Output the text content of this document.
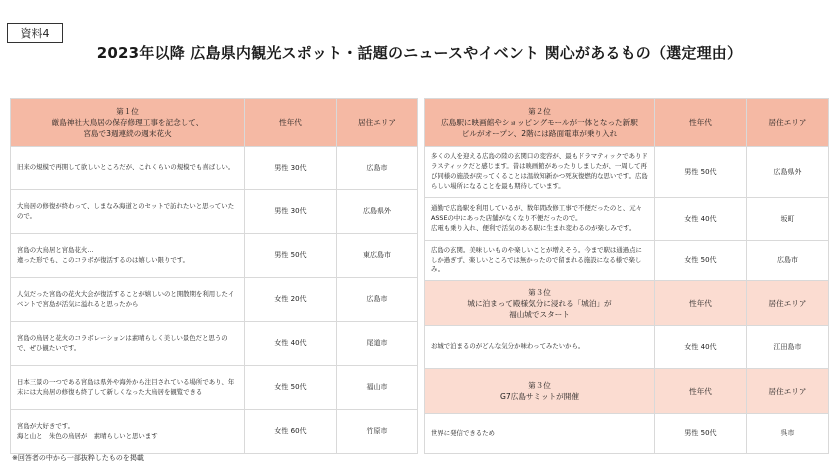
資料4
2023年以降 広島県内観光スポット・話題のニュースやイベント 関心があるもの（選定理由）
第１位
厳島神社大鳥居の保存修理工事を記念して、
宮島で3週連続の週末花火	性年代	居住エリア
旧来の規模で再開して欲しいところだが、これくらいの規模でも喜ばしい。	男性 30代	広島市
大鳥居の修復が終わって、しまなみ海道とのセットで訪れたいと思っていたので。	男性 30代	広島県外
宮島の大鳥居と宮島花火…
違った形でも、このコラボが復活するのは嬉しい限りです。	男性 50代	東広島市
人気だった宮島の花火大会が復活することが嬉しいのと開散期を利用したイベントで宮島が活気に溢れると思ったから	女性 20代	広島市
宮島の鳥居と花火のコラボレーションは素晴らしく美しい景色だと思うので、ぜひ観たいです。	女性 40代	尾道市
日本三景の一つである宮島は県外や海外から注目されている場所であり、年末には大鳥居の修復も終了して新しくなった大鳥居を観覧できる	女性 50代	福山市
宮島が大好きです。
海と山と　朱色の鳥居が　素晴らしいと思います	女性 60代	竹原市
第２位
広島駅に映画館やショッピングモールが一体となった新駅
ビルがオープン、2階には路面電車が乗り入れ	性年代	居住エリア
多くの人を迎える広島の陸の玄関口の変容が、最もドラマティックでありドラスティックだと感じます。昔は映画館があったりしましたが、一周して再び同様の施設が戻ってくることは温故知新かつ死灰復燃的な思いです。広島らしい場所になることを最も期待しています。	男性 50代	広島県外
通勤で広島駅を利用しているが、数年間改修工事で不便だったのと、元々ASSEの中にあった店舗がなくなり不便だったので。
広電も乗り入れ、便利で活気のある駅に生まれ変わるのが楽しみです。	女性 40代	坂町
広島の玄関。美味しいものや楽しいことが増えそう。今まで駅は通過点にしか過ぎず、楽しいところでは無かったので留まれる施設になる様で楽しみ。	女性 50代	広島市

第３位
城に泊まって殿様気分に浸れる「城泊」が
福山城でスタート	性年代	居住エリア
お城で泊まるのがどんな気分か味わってみたいから。	女性 40代	江田島市

第３位
G7広島サミットが開催	性年代	居住エリア
世界に発信できるため	男性 50代	呉市
※回答者の中から一部抜粋したものを掲載
